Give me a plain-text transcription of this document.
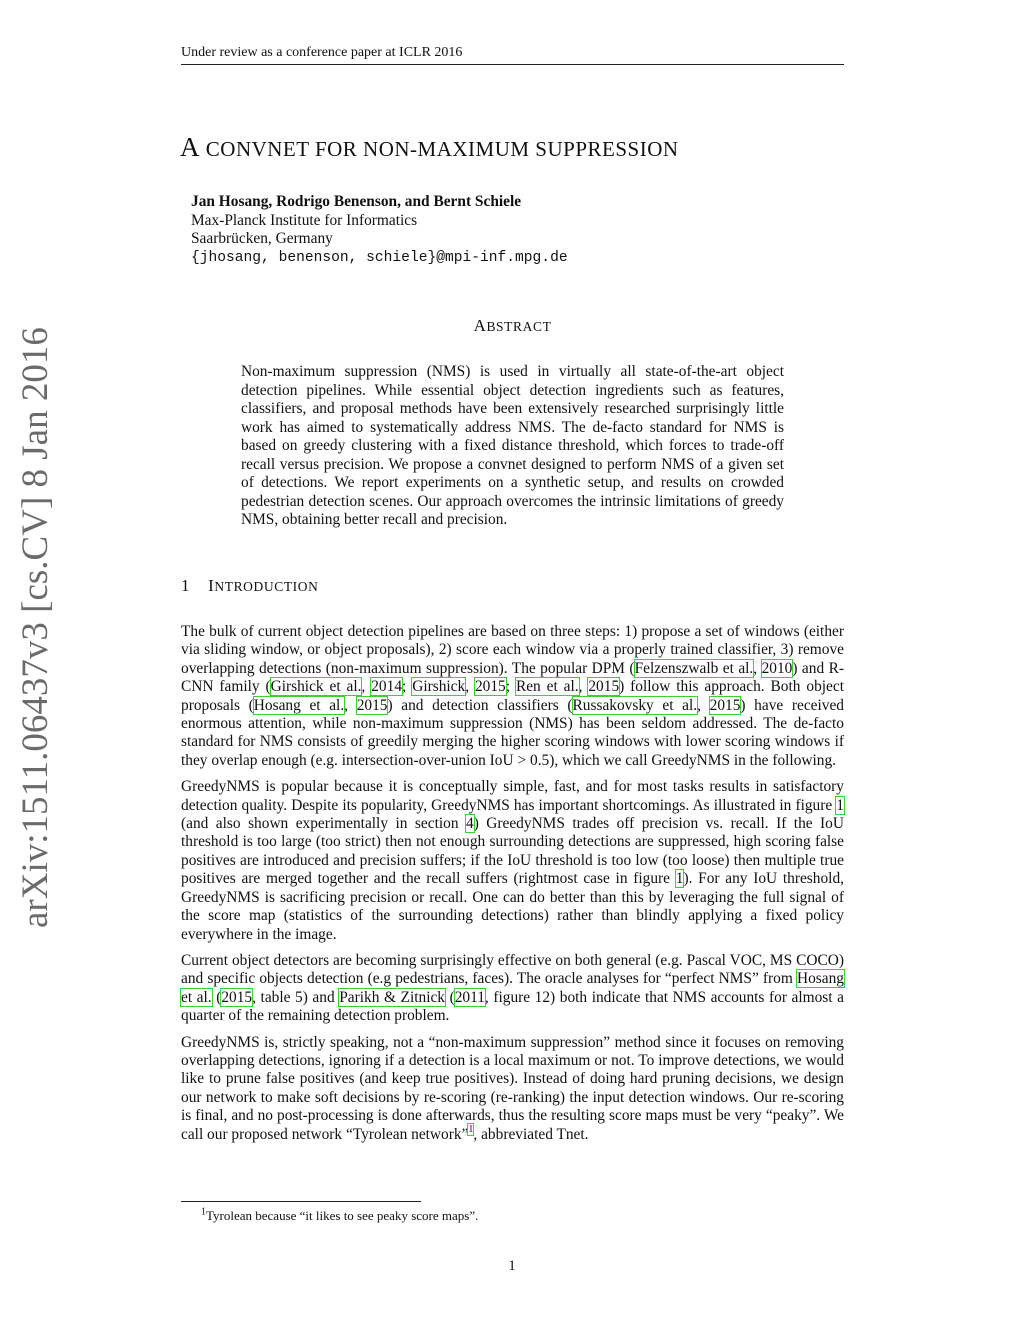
Under review as a conference paper at ICLR 2016
arXiv:1511.06437v3 [cs.CV] 8 Jan 2016
A CONVNET FOR NON-MAXIMUM SUPPRESSION
Jan Hosang, Rodrigo Benenson, and Bernt Schiele
Max-Planck Institute for Informatics
Saarbrücken, Germany
{jhosang, benenson, schiele}@mpi-inf.mpg.de
ABSTRACT

Non-maximum suppression (NMS) is used in virtually all state-of-the-art object detection pipelines. While essential object detection ingredients such as features, classifiers, and proposal methods have been extensively researched surprisingly little work has aimed to systematically address NMS. The de-facto standard for NMS is based on greedy clustering with a fixed distance threshold, which forces to trade-off recall versus precision. We propose a convnet designed to perform NMS of a given set of detections. We report experiments on a synthetic setup, and results on crowded pedestrian detection scenes. Our approach overcomes the intrinsic limitations of greedy NMS, obtaining better recall and precision.

1 INTRODUCTION

The bulk of current object detection pipelines are based on three steps: 1) propose a set of windows (either via sliding window, or object proposals), 2) score each window via a properly trained classifier, 3) remove overlapping detections (non-maximum suppression). The popular DPM (Felzenszwalb et al., 2010) and R-CNN family (Girshick et al., 2014; Girshick, 2015; Ren et al., 2015) follow this approach. Both object proposals (Hosang et al., 2015) and detection classifiers (Russakovsky et al., 2015) have received enormous attention, while non-maximum suppression (NMS) has been seldom addressed. The de-facto standard for NMS consists of greedily merging the higher scoring windows with lower scoring windows if they overlap enough (e.g. intersection-over-union IoU > 0.5), which we call GreedyNMS in the following.

GreedyNMS is popular because it is conceptually simple, fast, and for most tasks results in satisfactory detection quality. Despite its popularity, GreedyNMS has important shortcomings. As illustrated in figure 1 (and also shown experimentally in section 4) GreedyNMS trades off precision vs. recall. If the IoU threshold is too large (too strict) then not enough surrounding detections are suppressed, high scoring false positives are introduced and precision suffers; if the IoU threshold is too low (too loose) then multiple true positives are merged together and the recall suffers (rightmost case in figure 1). For any IoU threshold, GreedyNMS is sacrificing precision or recall. One can do better than this by leveraging the full signal of the score map (statistics of the surrounding detections) rather than blindly applying a fixed policy everywhere in the image.

Current object detectors are becoming surprisingly effective on both general (e.g. Pascal VOC, MS COCO) and specific objects detection (e.g pedestrians, faces). The oracle analyses for “perfect NMS” from Hosang et al. (2015, table 5) and Parikh & Zitnick (2011, figure 12) both indicate that NMS accounts for almost a quarter of the remaining detection problem.

GreedyNMS is, strictly speaking, not a “non-maximum suppression” method since it focuses on removing overlapping detections, ignoring if a detection is a local maximum or not. To improve detections, we would like to prune false positives (and keep true positives). Instead of doing hard pruning decisions, we design our network to make soft decisions by re-scoring (re-ranking) the input detection windows. Our re-scoring is final, and no post-processing is done afterwards, thus the resulting score maps must be very “peaky”. We call our proposed network “Tyrolean network”$^1$, abbreviated Tnet.

$^1$Tyrolean because “it likes to see peaky score maps”.
1
